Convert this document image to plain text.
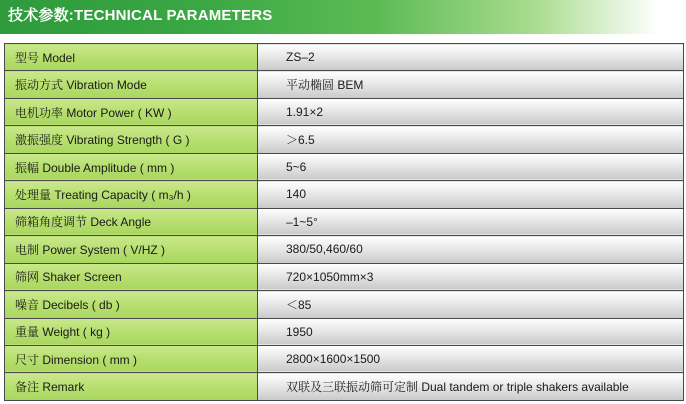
技术参数:TECHNICAL PARAMETERS
型号 Model	ZS–2
振动方式 Vibration Mode	平动椭圆 BEM
电机功率 Motor Power ( KW )	1.91×2
激振强度 Vibrating Strength ( G )	＞6.5
振幅 Double Amplitude ( mm )	5~6
处理量 Treating Capacity ( m₃/h )	140
筛箱角度调节 Deck Angle	–1~5°
电制 Power System ( V/HZ )	380/50,460/60
筛网 Shaker Screen	720×1050mm×3
噪音 Decibels ( db )	＜85
重量 Weight ( kg )	1950
尺寸 Dimension ( mm )	2800×1600×1500
备注 Remark	双联及三联振动筛可定制 Dual tandem or triple shakers available
